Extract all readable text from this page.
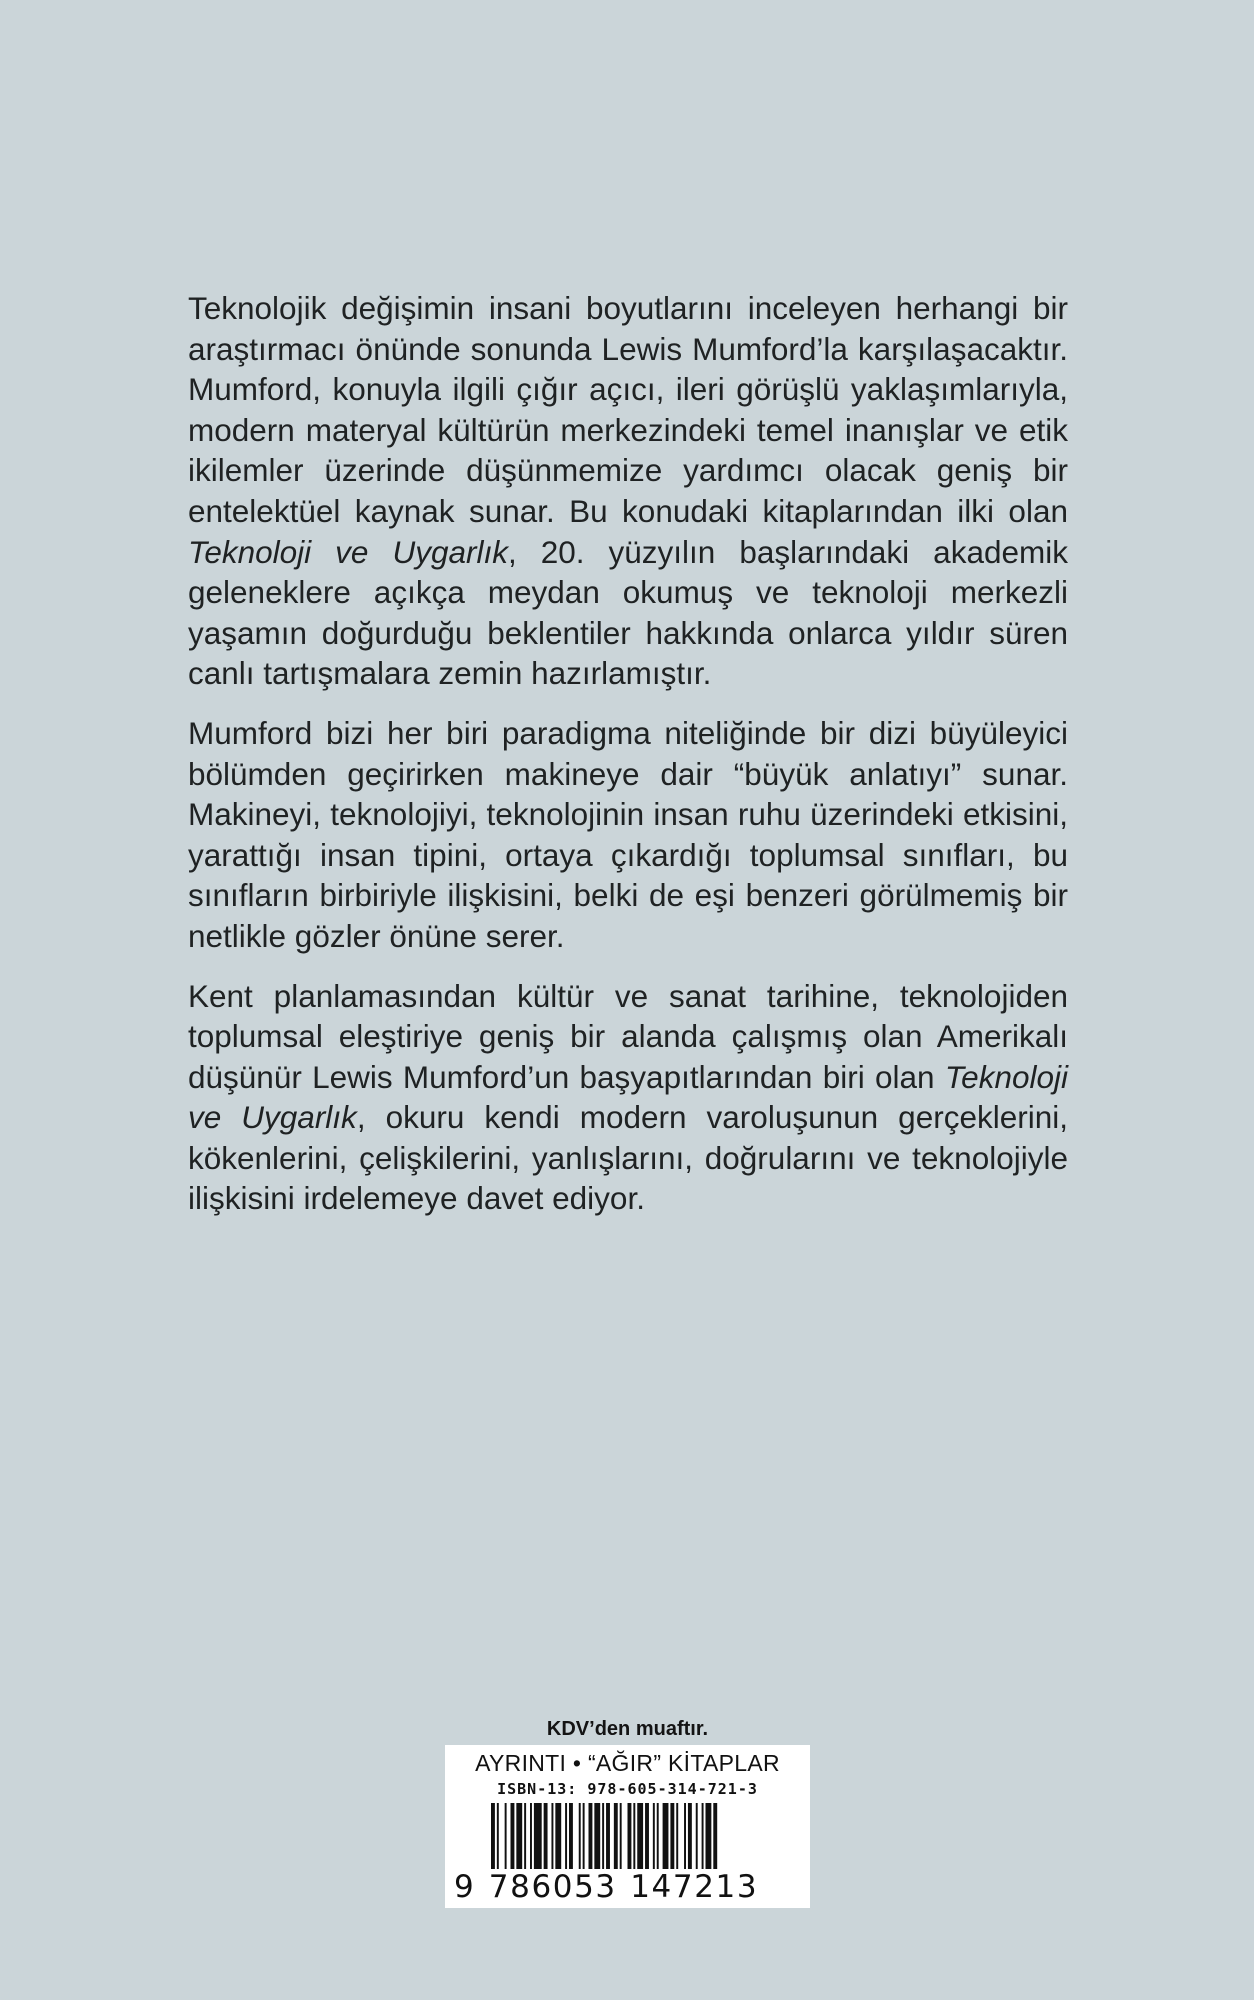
Teknolojik değişimin insani boyutlarını inceleyen herhangi bir araştırmacı önünde sonunda Lewis Mumford’la karşılaşacaktır. Mumford, konuyla ilgili çığır açıcı, ileri görüşlü yaklaşımlarıyla, modern materyal kültürün merkezindeki temel inanışlar ve etik ikilemler üzerinde düşünmemize yardımcı olacak geniş bir entelektüel kaynak sunar. Bu konudaki kitaplarından ilki olan Teknoloji ve Uygarlık, 20. yüzyılın başlarındaki akademik geleneklere açıkça meydan okumuş ve teknoloji merkezli yaşamın doğurduğu beklentiler hakkında onlarca yıldır süren canlı tartışmalara zemin hazırlamıştır.

Mumford bizi her biri paradigma niteliğinde bir dizi büyüleyici bölümden geçirirken makineye dair “büyük anlatıyı” sunar. Makineyi, teknolojiyi, teknolojinin insan ruhu üzerindeki etkisini, yarattığı insan tipini, ortaya çıkardığı toplumsal sınıfları, bu sınıfların birbiriyle ilişkisini, belki de eşi benzeri görülmemiş bir netlikle gözler önüne serer.

Kent planlamasından kültür ve sanat tarihine, teknolojiden toplumsal eleştiriye geniş bir alanda çalışmış olan Amerikalı düşünür Lewis Mumford’un başyapıtlarından biri olan Teknoloji ve Uygarlık, okuru kendi modern varoluşunun gerçeklerini, kökenlerini, çelişkilerini, yanlışlarını, doğrularını ve teknolojiyle ilişkisini irdelemeye davet ediyor.

KDV’den muaftır.
AYRINTI • “AĞIR” KİTAPLAR
ISBN-13: 978-605-314-721-3
9 786053 147213
